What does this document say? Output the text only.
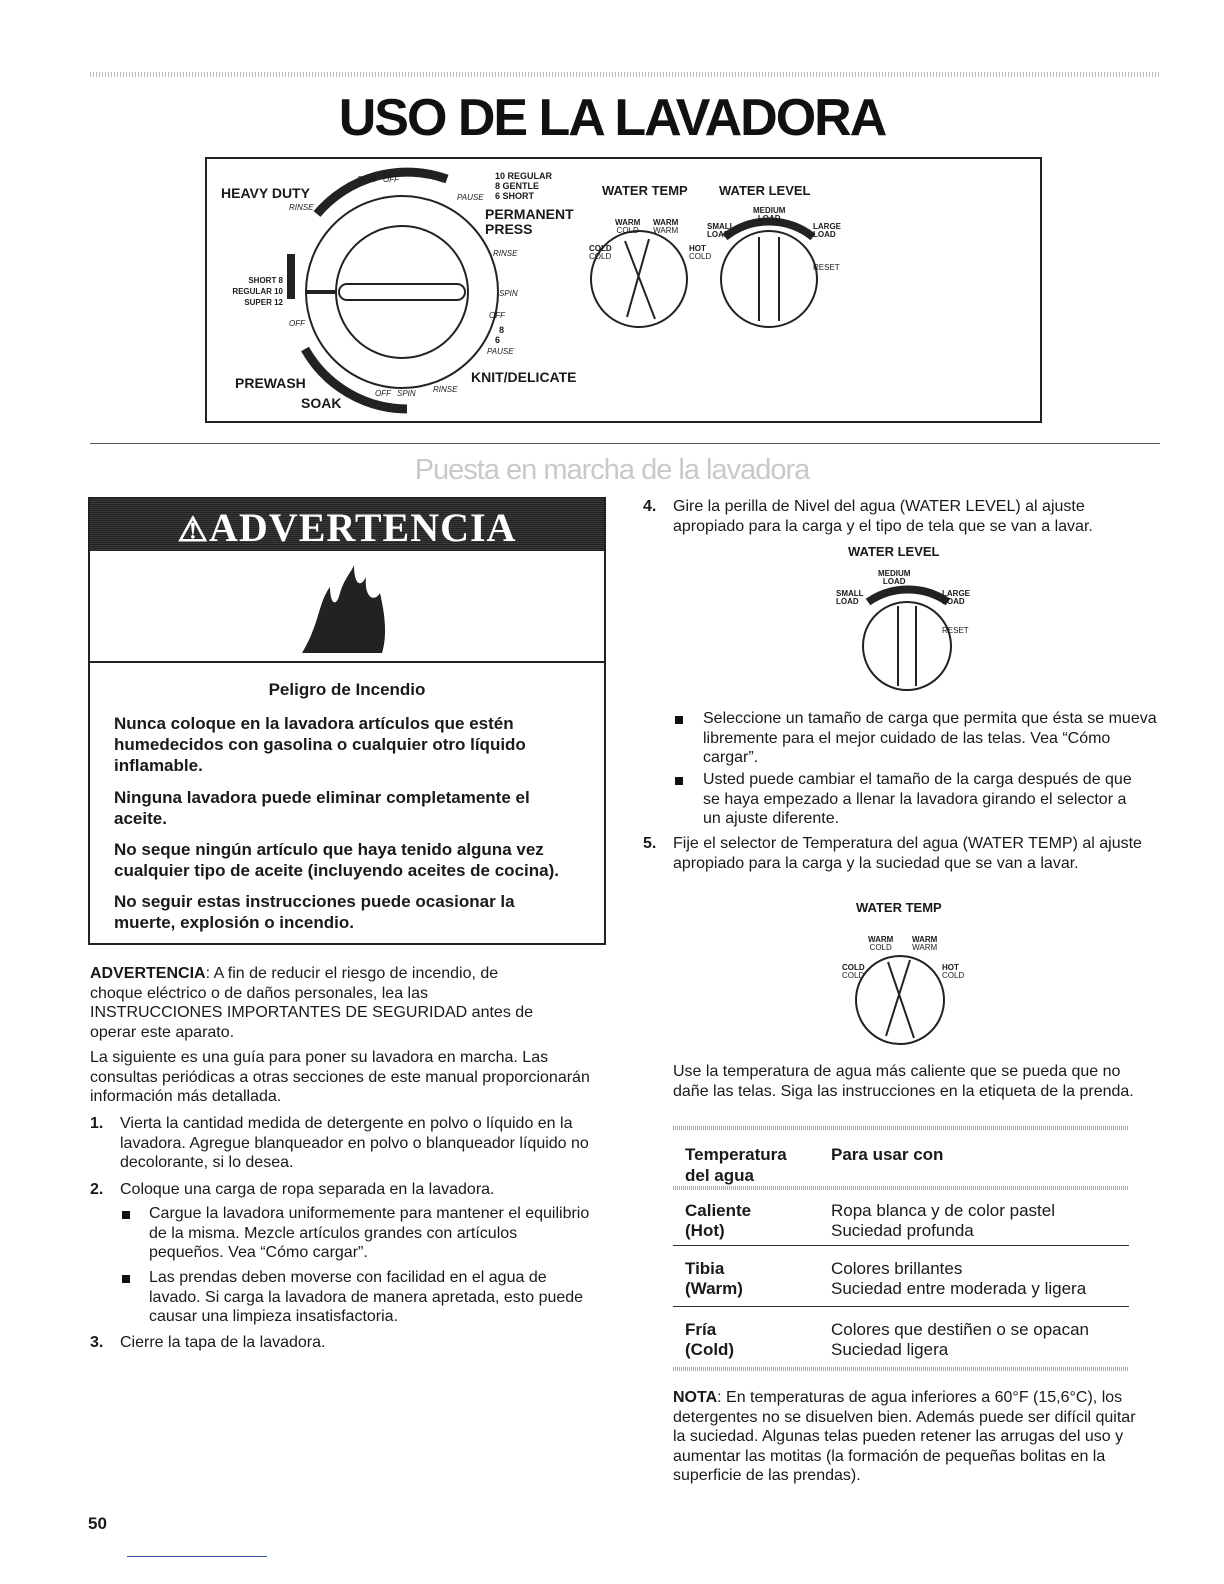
USO DE LA LAVADORA
HEAVY DUTY
PERMANENT PRESS
KNIT/DELICATE
PREWASH
SOAK
SPIN OFF
RINSE
PAUSE
10 REGULAR
8 GENTLE
6 SHORT
RINSE
SPIN
OFF
8
6
PAUSE
SHORT 8
REGULAR 10
SUPER 12
OFF
OFF SPIN RINSE
WATER TEMP
WARM
COLD
WARM
WARM
COLD
COLD
HOT
COLD
WATER LEVEL
MEDIUM
LOAD
SMALL
LOAD
LARGE
LOAD
RESET
Puesta en marcha de la lavadora
⚠ADVERTENCIA
Peligro de Incendio
Nunca coloque en la lavadora artículos que estén humedecidos con gasolina o cualquier otro líquido inflamable.
Ninguna lavadora puede eliminar completamente el aceite.
No seque ningún artículo que haya tenido alguna vez cualquier tipo de aceite (incluyendo aceites de cocina).
No seguir estas instrucciones puede ocasionar la muerte, explosión o incendio.
ADVERTENCIA: A fin de reducir el riesgo de incendio, de choque eléctrico o de daños personales, lea las INSTRUCCIONES IMPORTANTES DE SEGURIDAD antes de operar este aparato.
La siguiente es una guía para poner su lavadora en marcha. Las consultas periódicas a otras secciones de este manual proporcionarán información más detallada.
1. Vierta la cantidad medida de detergente en polvo o líquido en la lavadora. Agregue blanqueador en polvo o blanqueador líquido no decolorante, si lo desea.
2. Coloque una carga de ropa separada en la lavadora.
Cargue la lavadora uniformemente para mantener el equilibrio de la misma. Mezcle artículos grandes con artículos pequeños. Vea “Cómo cargar”.
Las prendas deben moverse con facilidad en el agua de lavado. Si carga la lavadora de manera apretada, esto puede causar una limpieza insatisfactoria.
3. Cierre la tapa de la lavadora.
4. Gire la perilla de Nivel del agua (WATER LEVEL) al ajuste apropiado para la carga y el tipo de tela que se van a lavar.
WATER LEVEL
MEDIUM
LOAD
SMALL
LOAD
LARGE
LOAD
RESET
Seleccione un tamaño de carga que permita que ésta se mueva libremente para el mejor cuidado de las telas. Vea “Cómo cargar”.
Usted puede cambiar el tamaño de la carga después de que se haya empezado a llenar la lavadora girando el selector a un ajuste diferente.
5. Fije el selector de Temperatura del agua (WATER TEMP) al ajuste apropiado para la carga y la suciedad que se van a lavar.
WATER TEMP
WARM
COLD
WARM
WARM
COLD
COLD
HOT
COLD
Use la temperatura de agua más caliente que se pueda que no dañe las telas. Siga las instrucciones en la etiqueta de la prenda.
Temperatura del agua
Para usar con
Caliente
(Hot)
Ropa blanca y de color pastel
Suciedad profunda
Tibia
(Warm)
Colores brillantes
Suciedad entre moderada y ligera
Fría
(Cold)
Colores que destiñen o se opacan
Suciedad ligera
NOTA: En temperaturas de agua inferiores a 60°F (15,6°C), los detergentes no se disuelven bien. Además puede ser difícil quitar la suciedad. Algunas telas pueden retener las arrugas del uso y aumentar las motitas (la formación de pequeñas bolitas en la superficie de las prendas).
50
